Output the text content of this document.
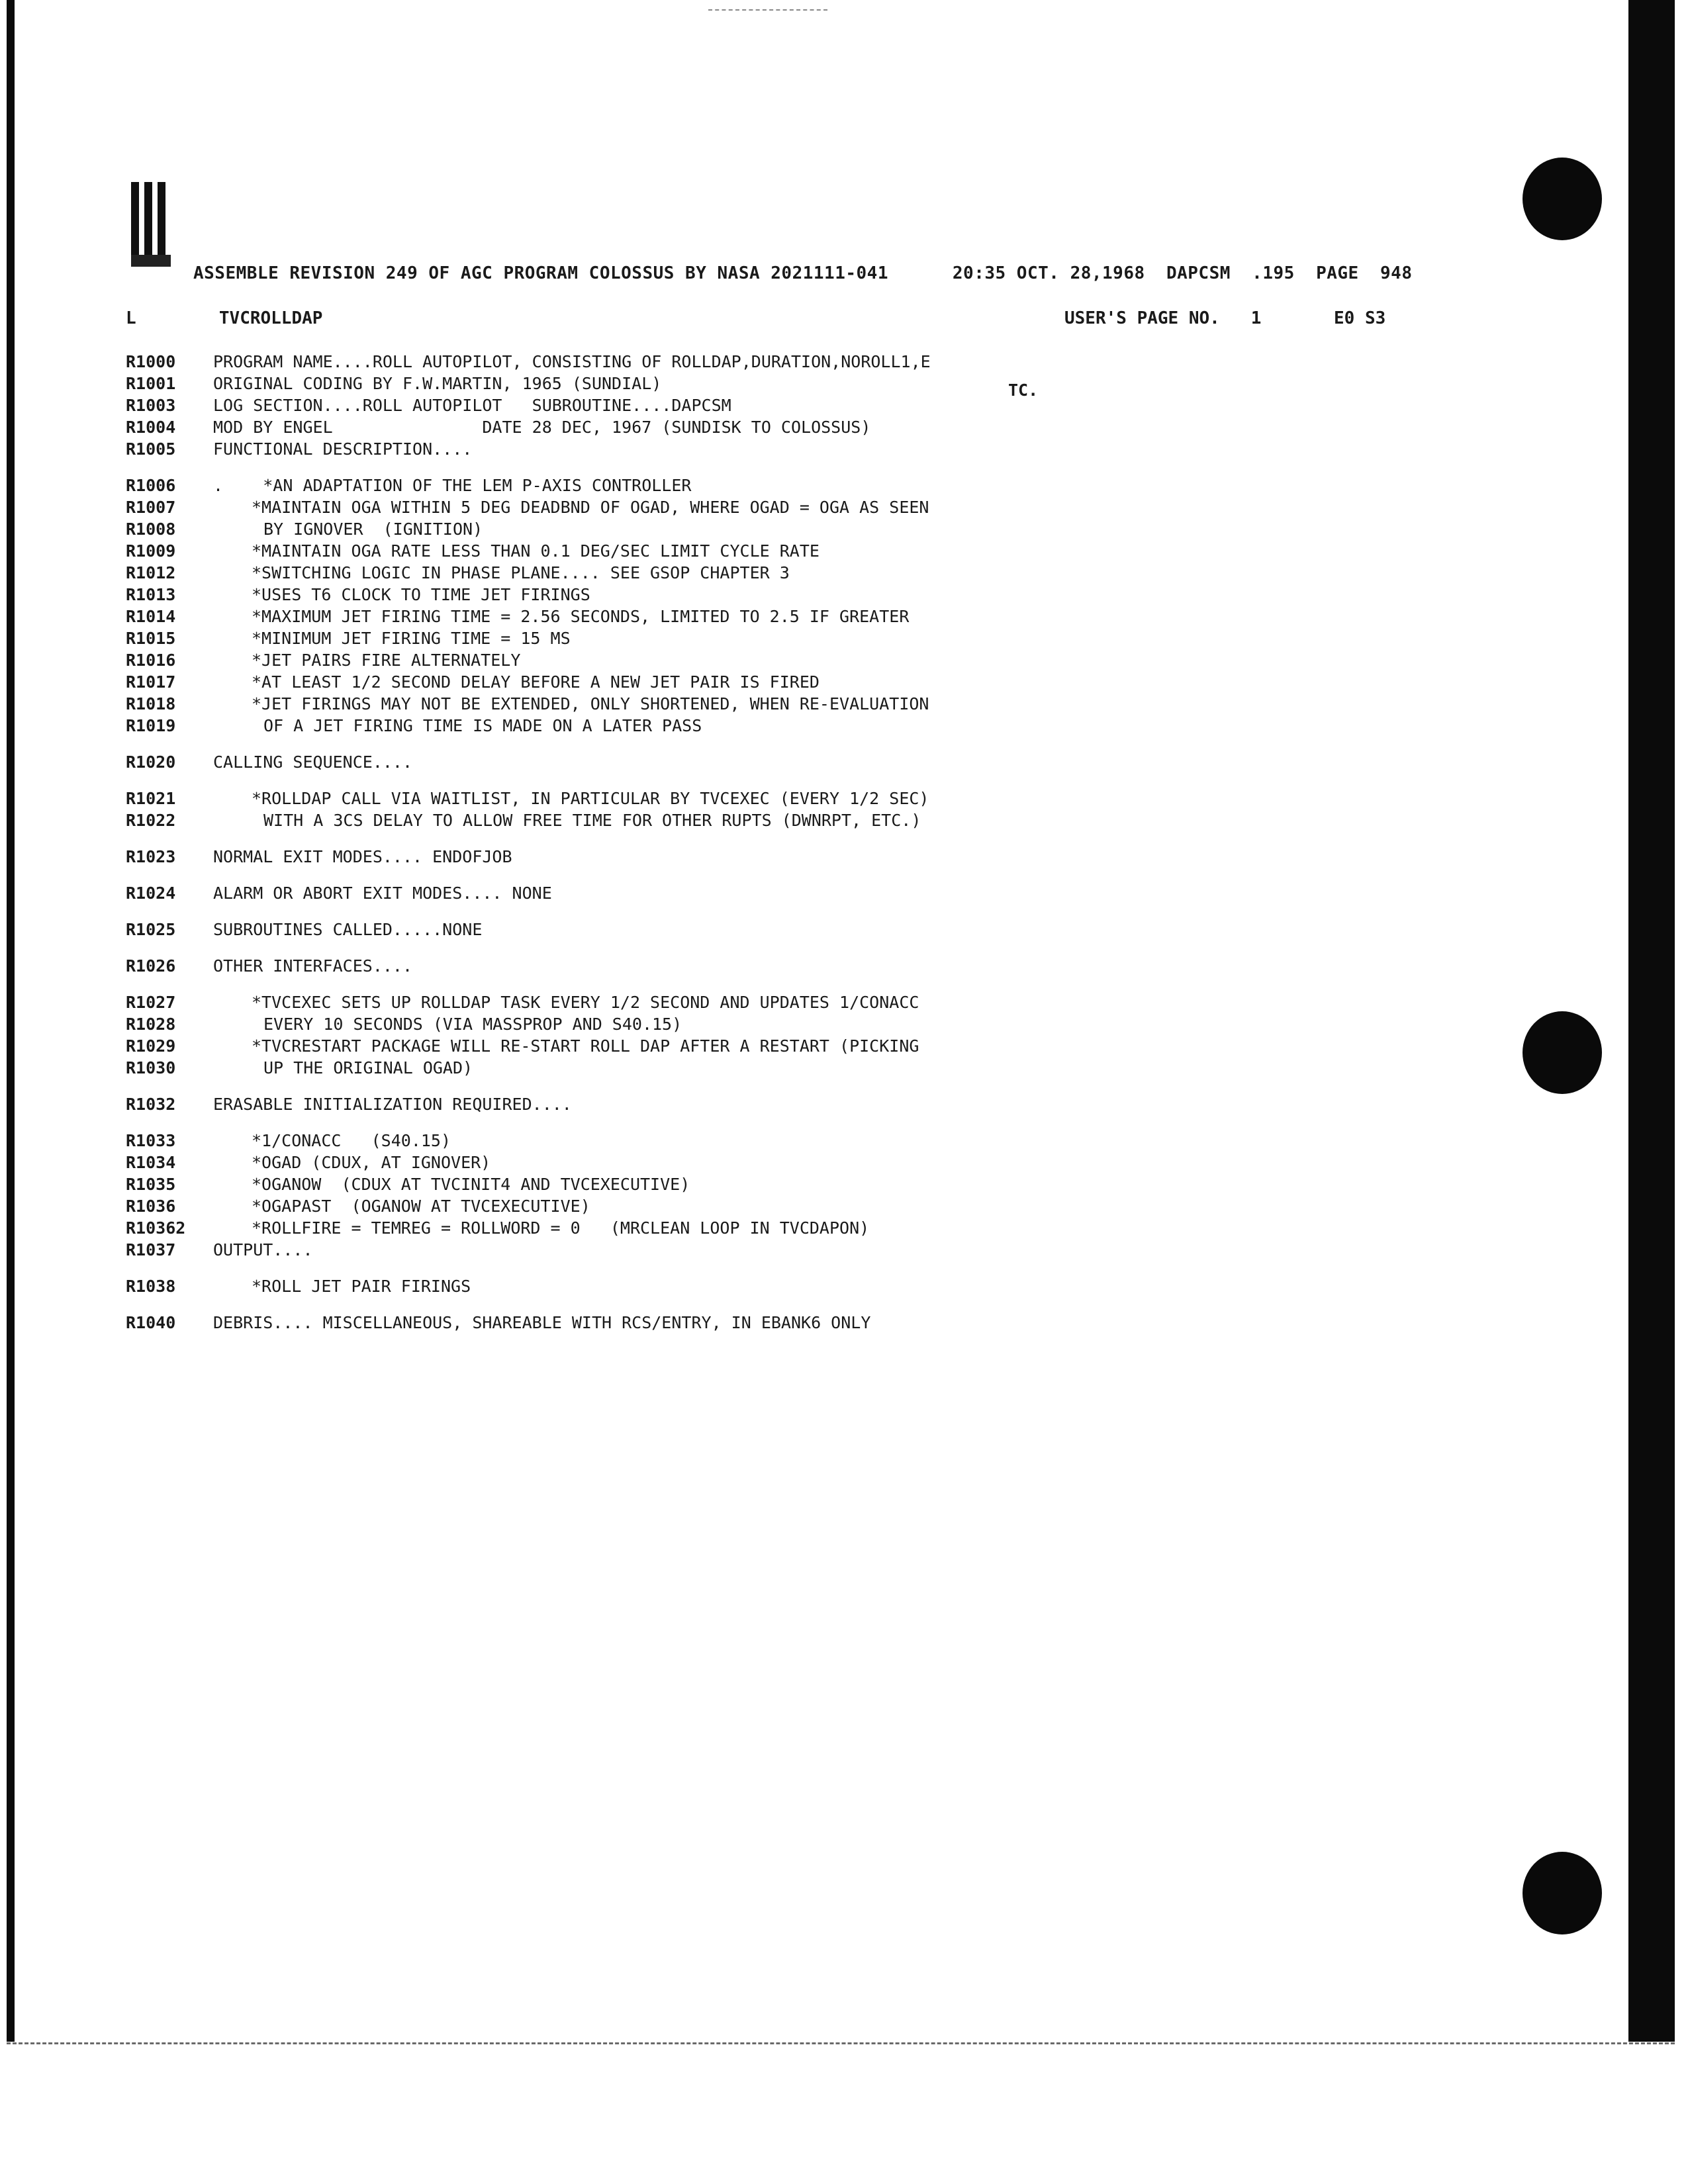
ASSEMBLE REVISION 249 OF AGC PROGRAM COLOSSUS BY NASA 2021111-041      20:35 OCT. 28,1968  DAPCSM  .195  PAGE  948
L	TVCROLLDAP	USER'S PAGE NO.   1       E0 S3
R1000 PROGRAM NAME....ROLL AUTOPILOT, CONSISTING OF ROLLDAP,DURATION,NOROLL1,E
R1001 ORIGINAL CODING BY F.W.MARTIN, 1965 (SUNDIAL)	TC.
R1003 LOG SECTION....ROLL AUTOPILOT   SUBROUTINE....DAPCSM
R1004 MOD BY ENGEL               DATE 28 DEC, 1967 (SUNDISK TO COLOSSUS)
R1005 FUNCTIONAL DESCRIPTION....
R1006 .    *AN ADAPTATION OF THE LEM P-AXIS CONTROLLER
R1007	*MAINTAIN OGA WITHIN 5 DEG DEADBND OF OGAD, WHERE OGAD = OGA AS SEEN
R1008	BY IGNOVER  (IGNITION)
R1009	*MAINTAIN OGA RATE LESS THAN 0.1 DEG/SEC LIMIT CYCLE RATE
R1012	*SWITCHING LOGIC IN PHASE PLANE.... SEE GSOP CHAPTER 3
R1013	*USES T6 CLOCK TO TIME JET FIRINGS
R1014	*MAXIMUM JET FIRING TIME = 2.56 SECONDS, LIMITED TO 2.5 IF GREATER
R1015	*MINIMUM JET FIRING TIME = 15 MS
R1016	*JET PAIRS FIRE ALTERNATELY
R1017	*AT LEAST 1/2 SECOND DELAY BEFORE A NEW JET PAIR IS FIRED
R1018	*JET FIRINGS MAY NOT BE EXTENDED, ONLY SHORTENED, WHEN RE-EVALUATION
R1019	OF A JET FIRING TIME IS MADE ON A LATER PASS
R1020 CALLING SEQUENCE....
R1021	*ROLLDAP CALL VIA WAITLIST, IN PARTICULAR BY TVCEXEC (EVERY 1/2 SEC)
R1022	WITH A 3CS DELAY TO ALLOW FREE TIME FOR OTHER RUPTS (DWNRPT, ETC.)
R1023 NORMAL EXIT MODES.... ENDOFJOB
R1024 ALARM OR ABORT EXIT MODES.... NONE
R1025 SUBROUTINES CALLED.....NONE
R1026 OTHER INTERFACES....
R1027	*TVCEXEC SETS UP ROLLDAP TASK EVERY 1/2 SECOND AND UPDATES 1/CONACC
R1028	EVERY 10 SECONDS (VIA MASSPROP AND S40.15)
R1029	*TVCRESTART PACKAGE WILL RE-START ROLL DAP AFTER A RESTART (PICKING
R1030	UP THE ORIGINAL OGAD)
R1032 ERASABLE INITIALIZATION REQUIRED....
R1033	*1/CONACC   (S40.15)
R1034	*OGAD (CDUX, AT IGNOVER)
R1035	*OGANOW  (CDUX AT TVCINIT4 AND TVCEXECUTIVE)
R1036	*OGAPAST  (OGANOW AT TVCEXECUTIVE)
R10362	*ROLLFIRE = TEMREG = ROLLWORD = 0   (MRCLEAN LOOP IN TVCDAPON)
R1037 OUTPUT....
R1038	*ROLL JET PAIR FIRINGS
R1040 DEBRIS.... MISCELLANEOUS, SHAREABLE WITH RCS/ENTRY, IN EBANK6 ONLY
